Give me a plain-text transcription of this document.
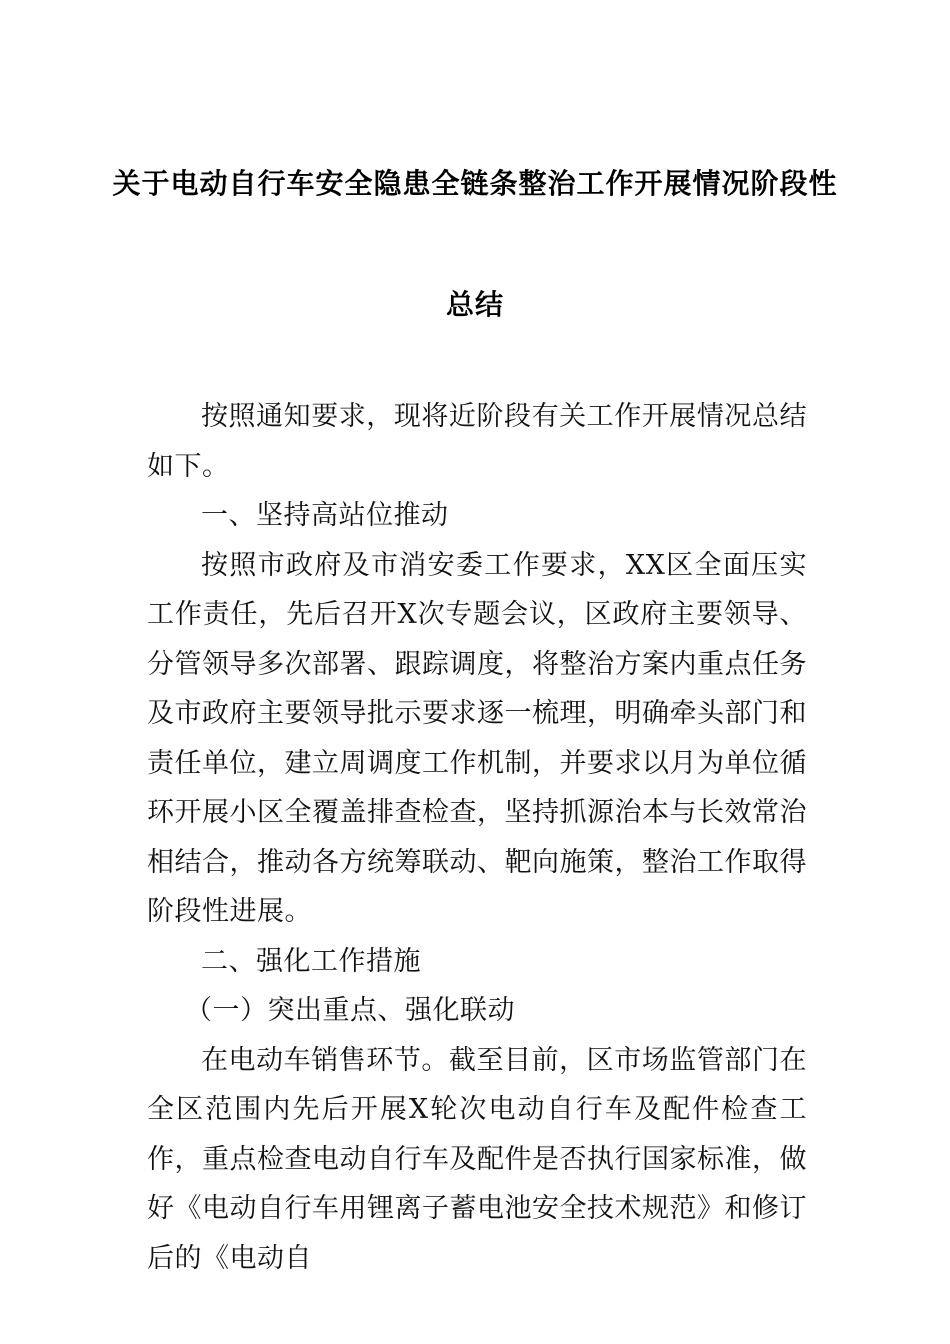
关于电动自行车安全隐患全链条整治工作开展情况阶段性
总结

按照通知要求，现将近阶段有关工作开展情况总结如下。

一、坚持高站位推动

按照市政府及市消安委工作要求，XX区全面压实工作责任，先后召开X次专题会议，区政府主要领导、分管领导多次部署、跟踪调度，将整治方案内重点任务及市政府主要领导批示要求逐一梳理，明确牵头部门和责任单位，建立周调度工作机制，并要求以月为单位循环开展小区全覆盖排查检查，坚持抓源治本与长效常治相结合，推动各方统筹联动、靶向施策，整治工作取得阶段性进展。

二、强化工作措施

（一）突出重点、强化联动

在电动车销售环节。截至目前，区市场监管部门在全区范围内先后开展X轮次电动自行车及配件检查工作，重点检查电动自行车及配件是否执行国家标准，做好《电动自行车用锂离子蓄电池安全技术规范》和修订后的《电动自
